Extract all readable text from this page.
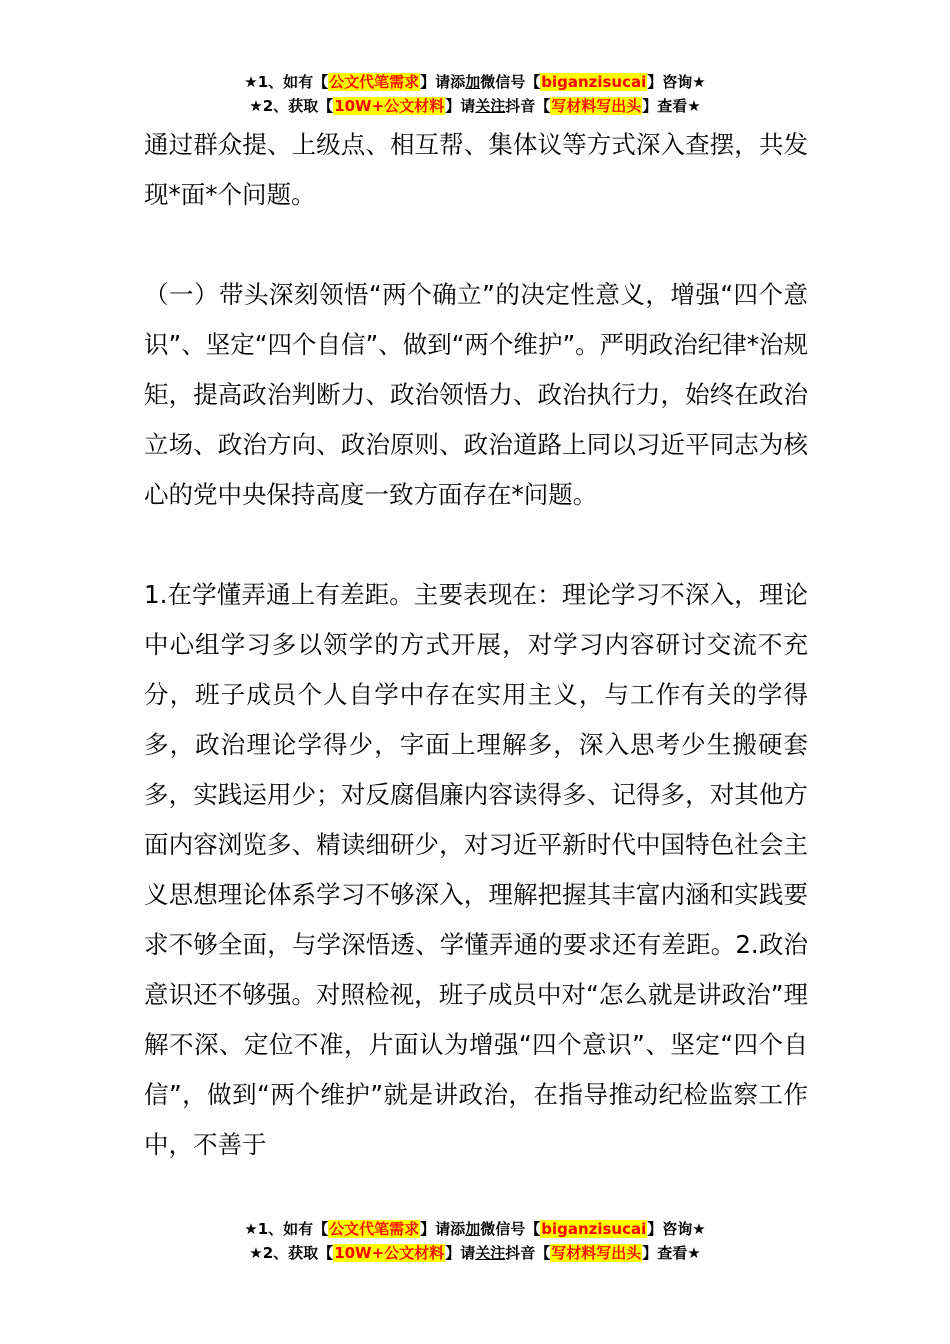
★1、如有【公文代笔需求】请添加微信号【biganzisucai】咨询★
★2、获取【10W+公文材料】请关注抖音【写材料写出头】查看★

通过群众提、上级点、相互帮、集体议等方式深入查摆，共发现*面*个问题。

（一）带头深刻领悟“两个确立”的决定性意义，增强“四个意识”、坚定“四个自信”、做到“两个维护”。严明政治纪律*治规矩，提高政治判断力、政治领悟力、政治执行力，始终在政治立场、政治方向、政治原则、政治道路上同以习近平同志为核心的党中央保持高度一致方面存在*问题。

1.在学懂弄通上有差距。主要表现在：理论学习不深入，理论中心组学习多以领学的方式开展，对学习内容研讨交流不充分，班子成员个人自学中存在实用主义，与工作有关的学得多，政治理论学得少，字面上理解多，深入思考少生搬硬套多，实践运用少；对反腐倡廉内容读得多、记得多，对其他方面内容浏览多、精读细研少，对习近平新时代中国特色社会主义思想理论体系学习不够深入，理解把握其丰富内涵和实践要求不够全面，与学深悟透、学懂弄通的要求还有差距。2.政治意识还不够强。对照检视，班子成员中对“怎么就是讲政治”理解不深、定位不准，片面认为增强“四个意识”、坚定“四个自信”，做到“两个维护”就是讲政治，在指导推动纪检监察工作中，不善于

★1、如有【公文代笔需求】请添加微信号【biganzisucai】咨询★
★2、获取【10W+公文材料】请关注抖音【写材料写出头】查看★
